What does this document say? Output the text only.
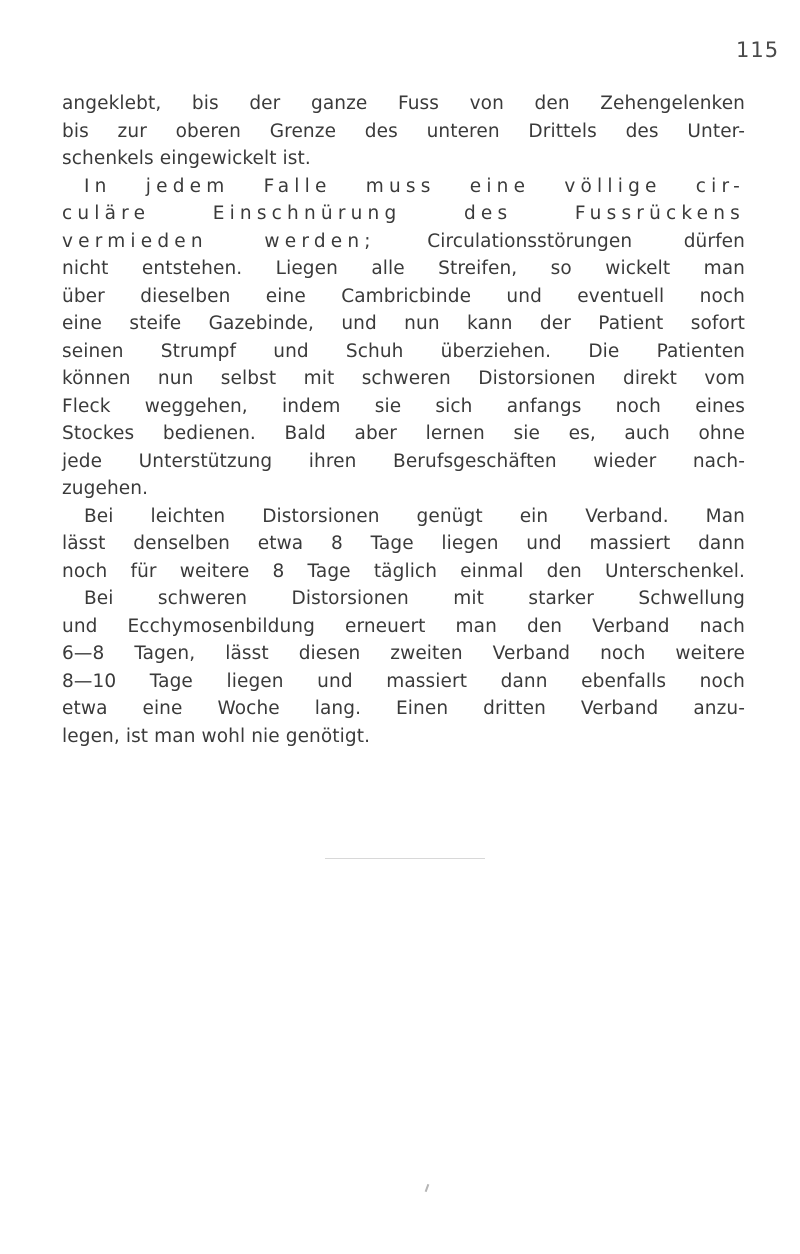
115
angeklebt, bis der ganze Fuss von den Zehengelenken
bis zur oberen Grenze des unteren Drittels des Unter-
schenkels eingewickelt ist.
In jedem Falle muss eine völlige cir-
culäre Einschnürung des Fussrückens
vermieden werden; Circulationsstörungen dürfen
nicht entstehen. Liegen alle Streifen, so wickelt man
über dieselben eine Cambricbinde und eventuell noch
eine steife Gazebinde, und nun kann der Patient sofort
seinen Strumpf und Schuh überziehen. Die Patienten
können nun selbst mit schweren Distorsionen direkt vom
Fleck weggehen, indem sie sich anfangs noch eines
Stockes bedienen. Bald aber lernen sie es, auch ohne
jede Unterstützung ihren Berufsgeschäften wieder nach-
zugehen.
Bei leichten Distorsionen genügt ein Verband. Man
lässt denselben etwa 8 Tage liegen und massiert dann
noch für weitere 8 Tage täglich einmal den Unterschenkel.
Bei schweren Distorsionen mit starker Schwellung
und Ecchymosenbildung erneuert man den Verband nach
6—8 Tagen, lässt diesen zweiten Verband noch weitere
8—10 Tage liegen und massiert dann ebenfalls noch
etwa eine Woche lang. Einen dritten Verband anzu-
legen, ist man wohl nie genötigt.
